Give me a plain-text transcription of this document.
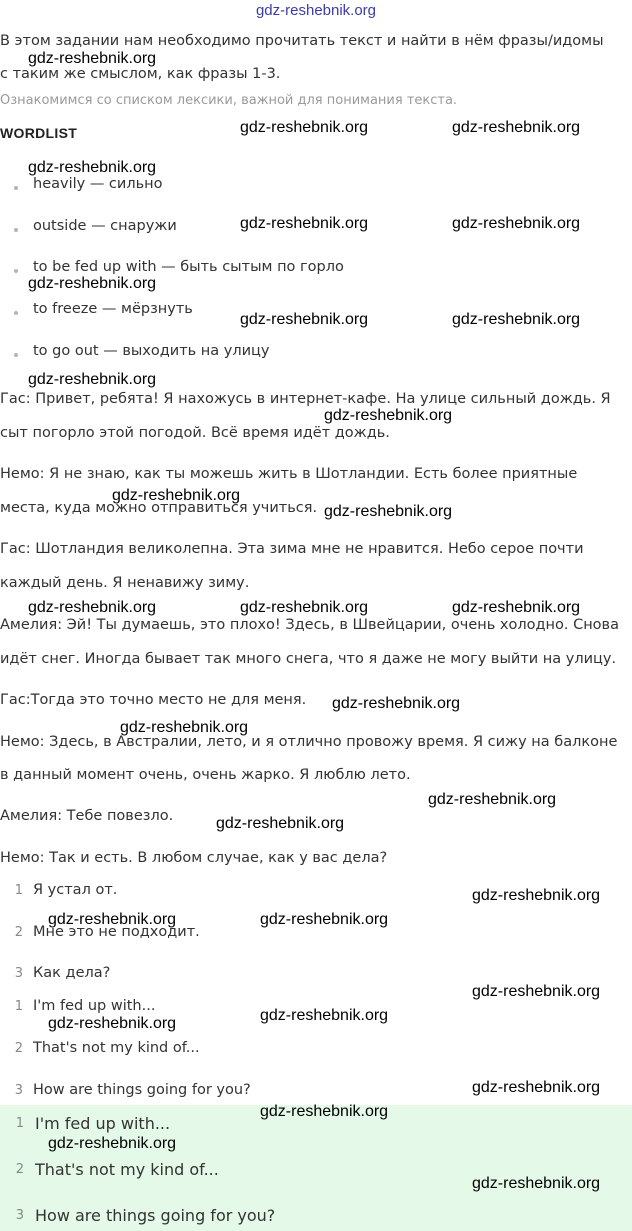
gdz-reshebnik.org
В этом задании нам необходимо прочитать текст и найти в нём фразы/идомы
с таким же смыслом, как фразы 1-3.
Ознакомимся со списком лексики, важной для понимания текста.
WORDLIST
heavily — сильно
outside — снаружи
to be fed up with — быть сытым по горло
to freeze — мёрзнуть
to go out — выходить на улицу
Гас: Привет, ребята! Я нахожусь в интернет-кафе. На улице сильный дождь. Я
сыт погорло этой погодой. Всё время идёт дождь.
Немо: Я не знаю, как ты можешь жить в Шотландии. Есть более приятные
места, куда можно отправиться учиться.
Гас: Шотландия великолепна. Эта зима мне не нравится. Небо серое почти
каждый день. Я ненавижу зиму.
Амелия: Эй! Ты думаешь, это плохо! Здесь, в Швейцарии, очень холодно. Снова
идёт снег. Иногда бывает так много снега, что я даже не могу выйти на улицу.
Гас:Тогда это точно место не для меня.
Немо: Здесь, в Австралии, лето, и я отлично провожу время. Я сижу на балконе
в данный момент очень, очень жарко. Я люблю лето.
Амелия: Тебе повезло.
Немо: Так и есть. В любом случае, как у вас дела?
1 Я устал от.
2 Мне это не подходит.
3 Как дела?
1 I'm fed up with...
2 That's not my kind of...
3 How are things going for you?
1 I'm fed up with...
2 That's not my kind of...
3 How are things going for you?
gdz-reshebnik.org
gdz-reshebnik.org	gdz-reshebnik.org
gdz-reshebnik.org
gdz-reshebnik.org	gdz-reshebnik.org
gdz-reshebnik.org
gdz-reshebnik.org	gdz-reshebnik.org
gdz-reshebnik.org
gdz-reshebnik.org
gdz-reshebnik.org
gdz-reshebnik.org
gdz-reshebnik.org	gdz-reshebnik.org	gdz-reshebnik.org
gdz-reshebnik.org
gdz-reshebnik.org
gdz-reshebnik.org
gdz-reshebnik.org
gdz-reshebnik.org
gdz-reshebnik.org	gdz-reshebnik.org
gdz-reshebnik.org
gdz-reshebnik.org
gdz-reshebnik.org
gdz-reshebnik.org
gdz-reshebnik.org
gdz-reshebnik.org
gdz-reshebnik.org
